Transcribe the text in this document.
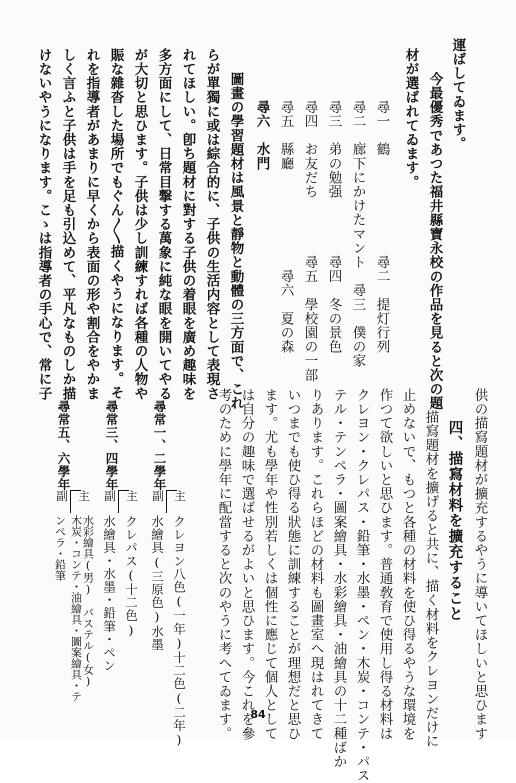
運ばしてゐます。
今最優秀であつた福井縣寶永校の作品を見ると次の題
材が選ばれてゐます。
尋一　鶴　　　　　　　尋二　提灯行列
尋二　廊下にかけたマント　尋三　僕の家
尋三　弟の勉强　　　　尋四　冬の景色
尋四　お友だち　　　　尋五　學校園の一部
尋五　縣廳　　　　　　　尋六　夏の森
尋六　水門
圖畫の學習題材は風景と靜物と動體の三方面で、これ
らが單獨に或は綜合的に、子供の生活内容として表現さ
れてほしい。卽ち題材に對する子供の着眼を廣め趣味を
多方面にして、日常目撃する萬象に純な眼を開いてやる
が大切と思ひます。子供は少し訓練すれば各種の人物や
賑な雜沓した場所でもぐん〳〵描くやうになります。そ
れを指導者があまりに早くから表面の形や割合をやかま
しく言ふと子供は手を足も引込めて、平凡なものしか描
けないやうになります。こゝは指導者の手心で、常に子
供の描寫題材が擴充するやうに導いてほしいと思ひます
四、描寫材料を擴充すること
描寫題材を擴げると共に、描く材料をクレヨンだけに
止めないで、もつと各種の材料を使ひ得るやうな環境を
作つて欲しいと思ひます。普通敎育で使用し得る材料は
クレヨン・クレパス・鉛筆・水墨・ペン・木炭・コンテ・パス
テル・テンペラ・圖案繪具・水彩繪具・油繪具の十二種ばか
りあります。これらほどの材料も圖畫室へ現はれてきて
いつまでも使ひ得る狀態に訓練することが理想だと思ひ
ます。尤も學年や性別若しくは個性に應じて個人として
は自分の趣味で選ばせるがよいと思ひます。今これを參
考のために學年に配當すると次のやうに考へてゐます。
尋常一、二學年
主
副
クレヨン八色(一年)十二色(二年)
水繪具(三原色)水墨
尋常三、四學年
主
副
クレパス(十二色)
水繪具・水墨・鉛筆・ペン
尋常五、六學年
主
副
水彩繪具(男)　パステル(女)
木炭・コンテ・油繪具・圖案繪具・テ
ンペラ・鉛筆
84
